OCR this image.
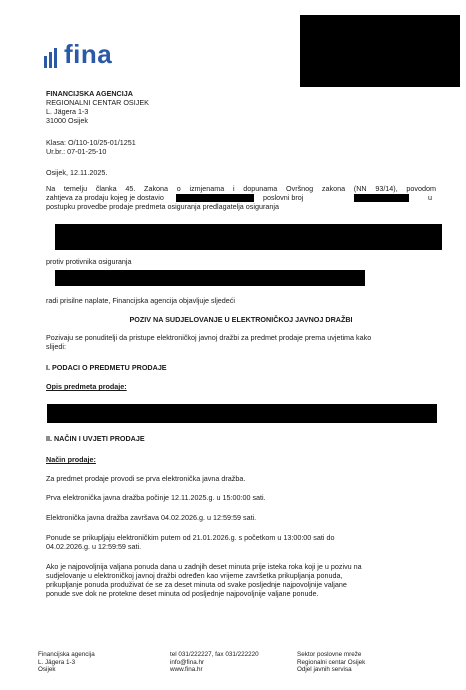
fina
FINANCIJSKA AGENCIJA
REGIONALNI CENTAR OSIJEK
L. Jägera 1-3
31000 Osijek
Klasa: O/110-10/25-01/1251
Ur.br.: 07-01-25-10
Osijek, 12.11.2025.
Na temelju članka 45. Zakona o izmjenama i dopunama Ovršnog zakona (NN 93/14), povodom
zahtjeva za prodaju kojeg je dostavio	poslovni broj	u
postupku provedbe prodaje predmeta osiguranja predlagatelja osiguranja
protiv protivnika osiguranja
radi prisilne naplate, Financijska agencija objavljuje sljedeći
POZIV NA SUDJELOVANJE U ELEKTRONIČKOJ JAVNOJ DRAŽBI
Pozivaju se ponuditelji da pristupe elektroničkoj javnoj dražbi za predmet prodaje prema uvjetima kako
slijedi:
I. PODACI O PREDMETU PRODAJE
Opis predmeta prodaje:
II. NAČIN I UVJETI PRODAJE
Način prodaje:
Za predmet prodaje provodi se prva elektronička javna dražba.
Prva elektronička javna dražba počinje 12.11.2025.g. u 15:00:00 sati.
Elektronička javna dražba završava 04.02.2026.g. u 12:59:59 sati.
Ponude se prikupljaju elektroničkim putem od 21.01.2026.g. s početkom u 13:00:00 sati do
04.02.2026.g. u 12:59:59 sati.
Ako je najpovoljnija valjana ponuda dana u zadnjih deset minuta prije isteka roka koji je u pozivu na
sudjelovanje u elektroničkoj javnoj dražbi određen kao vrijeme završetka prikupljanja ponuda,
prikupljanje ponuda produživat će se za deset minuta od svake posljednje najpovoljnije valjane
ponude sve dok ne protekne deset minuta od posljednje najpovoljnije valjane ponude.
Financijska agencija
L. Jägera 1-3
Osijek
tel 031/222227, fax 031/222220
info@fina.hr
www.fina.hr
Sektor poslovne mreže
Regionalni centar Osijek
Odjel javnih servisa
